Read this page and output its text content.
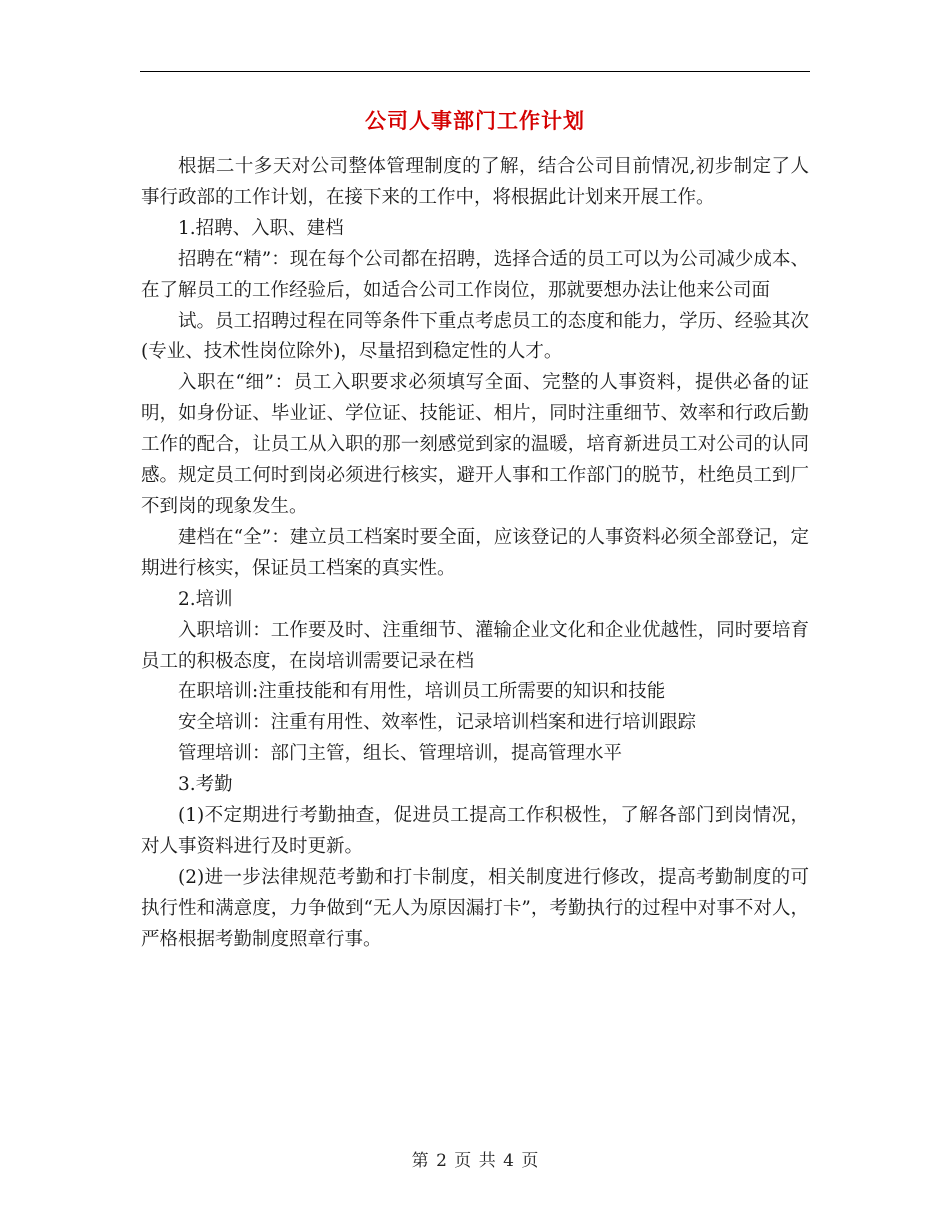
公司人事部门工作计划

根据二十多天对公司整体管理制度的了解，结合公司目前情况,初步制定了人事行政部的工作计划，在接下来的工作中，将根据此计划来开展工作。

1.招聘、入职、建档

招聘在“精”：现在每个公司都在招聘，选择合适的员工可以为公司减少成本、在了解员工的工作经验后，如适合公司工作岗位，那就要想办法让他来公司面

试。员工招聘过程在同等条件下重点考虑员工的态度和能力，学历、经验其次(专业、技术性岗位除外)，尽量招到稳定性的人才。

入职在“细”：员工入职要求必须填写全面、完整的人事资料，提供必备的证明，如身份证、毕业证、学位证、技能证、相片，同时注重细节、效率和行政后勤工作的配合，让员工从入职的那一刻感觉到家的温暖，培育新进员工对公司的认同感。规定员工何时到岗必须进行核实，避开人事和工作部门的脱节，杜绝员工到厂不到岗的现象发生。

建档在“全”：建立员工档案时要全面，应该登记的人事资料必须全部登记，定期进行核实，保证员工档案的真实性。

2.培训

入职培训：工作要及时、注重细节、灌输企业文化和企业优越性，同时要培育员工的积极态度，在岗培训需要记录在档

在职培训:注重技能和有用性，培训员工所需要的知识和技能

安全培训：注重有用性、效率性，记录培训档案和进行培训跟踪

管理培训：部门主管，组长、管理培训，提高管理水平

3.考勤

(1)不定期进行考勤抽查，促进员工提高工作积极性，了解各部门到岗情况，对人事资料进行及时更新。

(2)进一步法律规范考勤和打卡制度，相关制度进行修改，提高考勤制度的可执行性和满意度，力争做到“无人为原因漏打卡”，考勤执行的过程中对事不对人，严格根据考勤制度照章行事。

第 2 页 共 4 页
